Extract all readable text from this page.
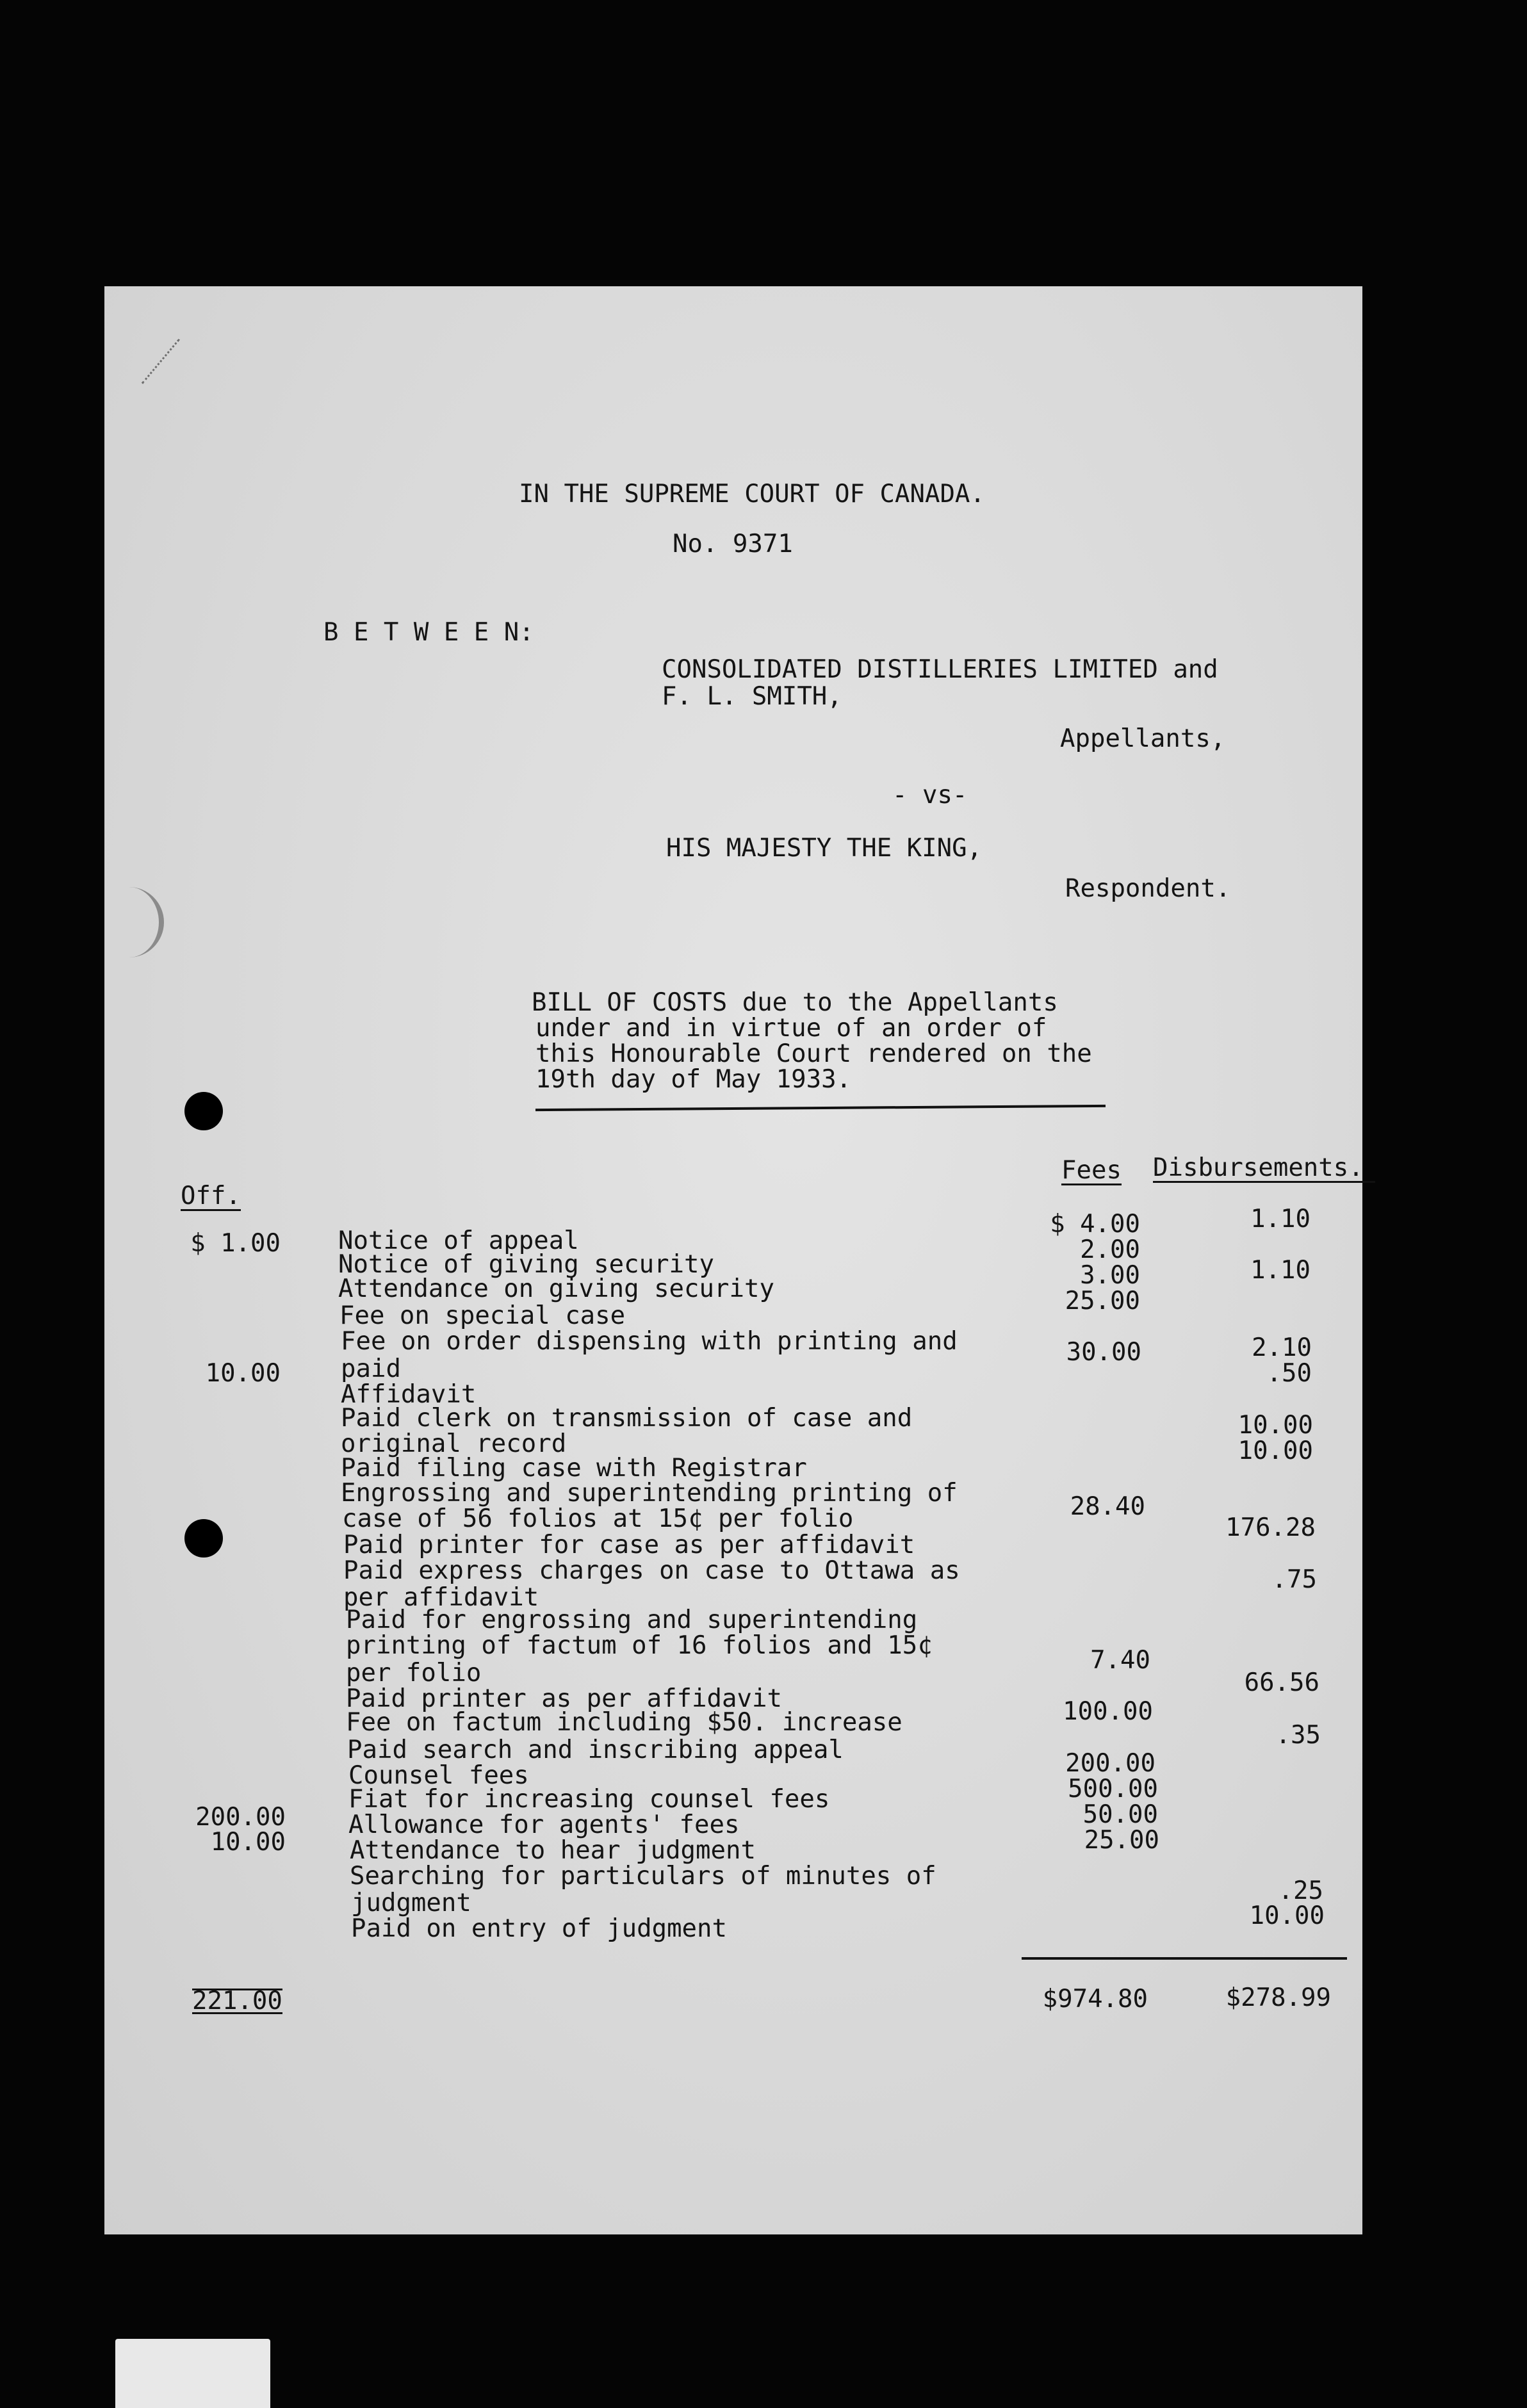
IN THE SUPREME COURT OF CANADA.
No. 9371
B E T W E E N:
CONSOLIDATED DISTILLERIES LIMITED and
F. L. SMITH,
Appellants,
- vs-
HIS MAJESTY THE KING,
Respondent.
BILL OF COSTS due to the Appellants
under and in virtue of an order of
this Honourable Court rendered on the
19th day of May 1933.
Off.
Fees Disbursements.
Notice of appeal
Notice of giving security
Attendance on giving security
Fee on special case
Fee on order dispensing with printing and
paid
Affidavit
Paid clerk on transmission of case and
original record
Paid filing case with Registrar
Engrossing and superintending printing of
case of 56 folios at 15¢ per folio
Paid printer for case as per affidavit
Paid express charges on case to Ottawa as
per affidavit
Paid for engrossing and superintending
printing of factum of 16 folios and 15¢
per folio
Paid printer as per affidavit
Fee on factum including $50. increase
Paid search and inscribing appeal
Counsel fees
Fiat for increasing counsel fees
Allowance for agents' fees
Attendance to hear judgment
Searching for particulars of minutes of
judgment
Paid on entry of judgment
$ 1.00
10.00
200.00
10.00
$ 4.00
2.00
3.00
25.00
30.00
28.40
7.40
100.00
200.00
500.00
50.00
25.00
1.10
1.10
2.10
.50
10.00
10.00
176.28
.75
66.56
.35
.25
10.00
221.00	$974.80	$278.99
